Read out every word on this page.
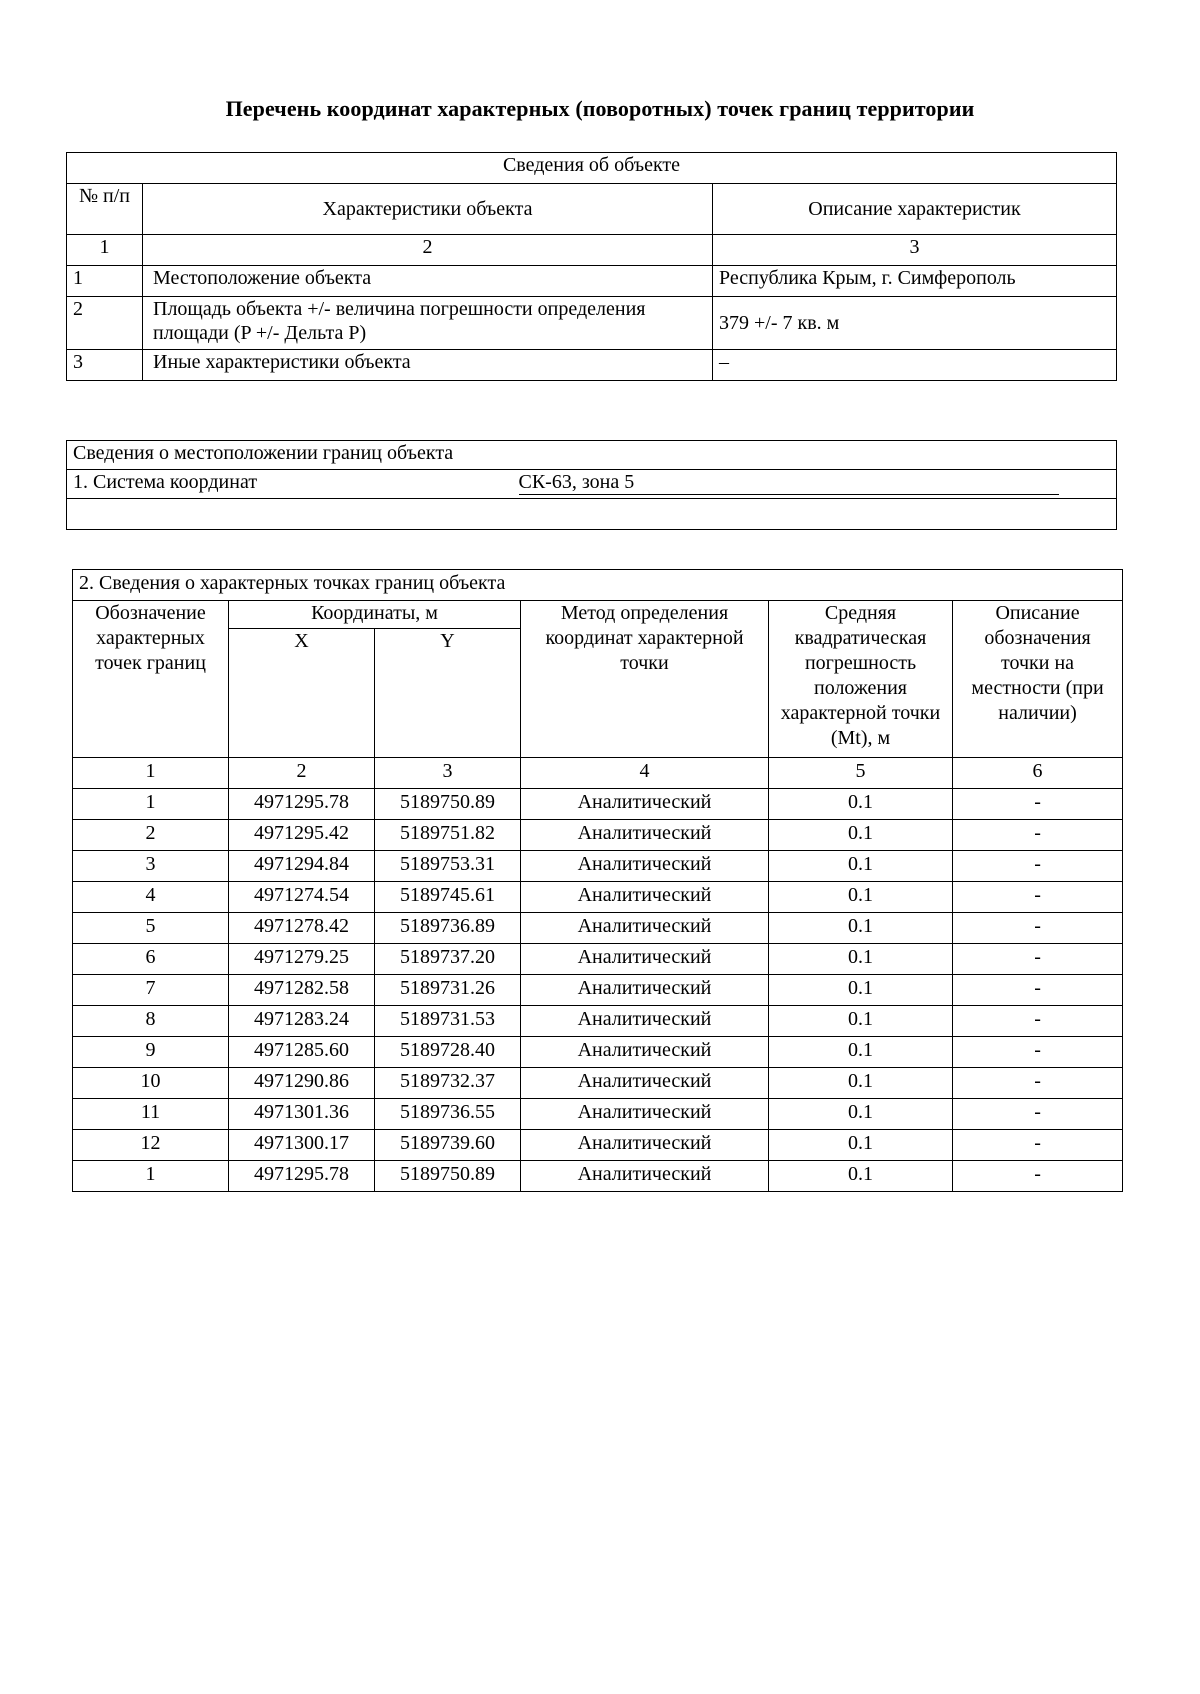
Перечень координат характерных (поворотных) точек границ территории
Сведения об объекте		
№ п/п	Характеристики объекта	Описание характеристик
1	2	3
1	Местоположение объекта	Республика Крым, г. Симферополь
2	Площадь объекта +/- величина погрешности определения площади (P +/- Дельта P)	379 +/- 7 кв. м
3	Иные характеристики объекта	–
Сведения о местоположении границ объекта
1. Система координат	СК-63, зона 5

2. Сведения о характерных точках границ объекта					
Обозначение характерных точек границ	Координаты, м		Метод определения координат характерной точки	Средняя квадратическая погрешность положения характерной точки (Mt), м	Описание обозначения точки на местности (при наличии)
	X	Y			
1	2	3	4	5	6
1	4971295.78	5189750.89	Аналитический	0.1	-
2	4971295.42	5189751.82	Аналитический	0.1	-
3	4971294.84	5189753.31	Аналитический	0.1	-
4	4971274.54	5189745.61	Аналитический	0.1	-
5	4971278.42	5189736.89	Аналитический	0.1	-
6	4971279.25	5189737.20	Аналитический	0.1	-
7	4971282.58	5189731.26	Аналитический	0.1	-
8	4971283.24	5189731.53	Аналитический	0.1	-
9	4971285.60	5189728.40	Аналитический	0.1	-
10	4971290.86	5189732.37	Аналитический	0.1	-
11	4971301.36	5189736.55	Аналитический	0.1	-
12	4971300.17	5189739.60	Аналитический	0.1	-
1	4971295.78	5189750.89	Аналитический	0.1	-
